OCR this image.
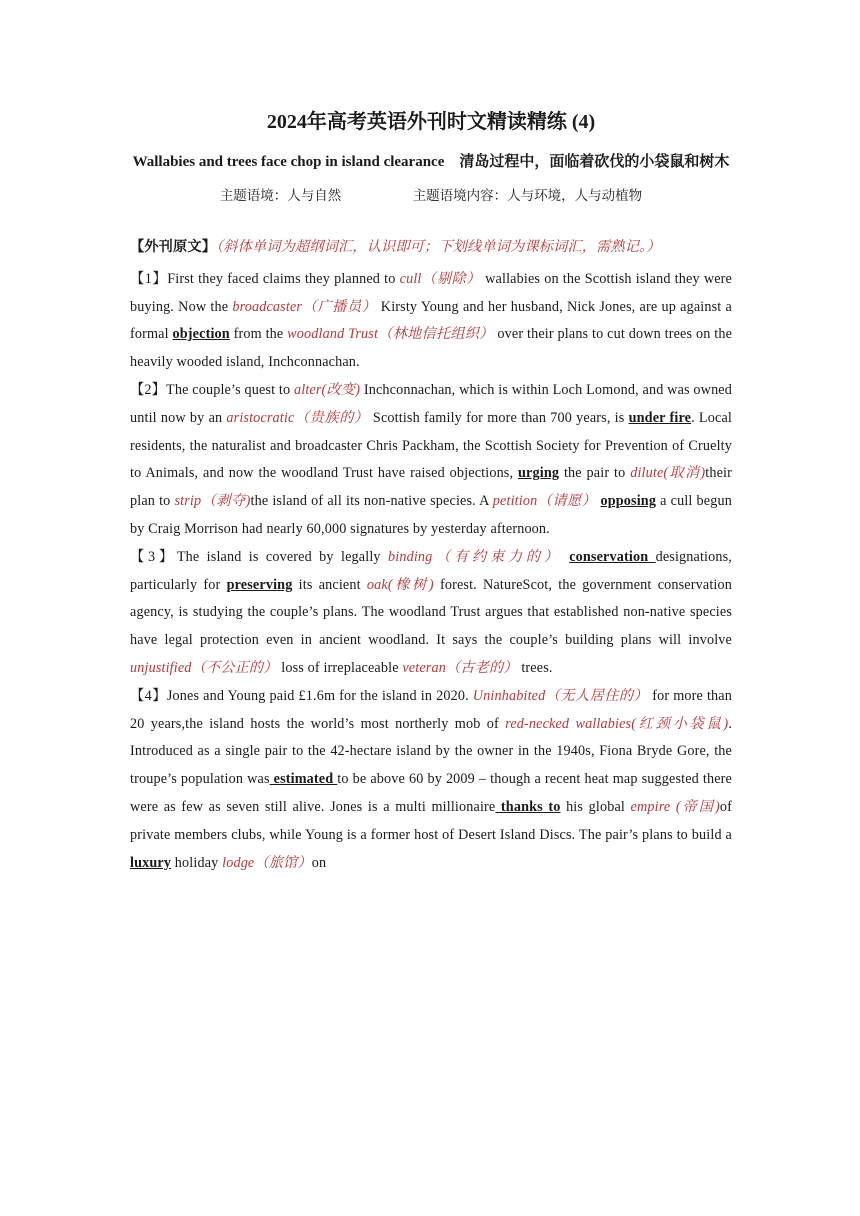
2024年高考英语外刊时文精读精练 (4)
Wallabies and trees face chop in island clearance 清岛过程中，面临着砍伐的小袋鼠和树木
主题语境：人与自然	主题语境内容：人与环境，人与动植物

【外刊原文】（斜体单词为超纲词汇，认识即可；下划线单词为课标词汇，需熟记。）

【1】First they faced claims they planned to cull（剔除） wallabies on the Scottish island they were buying. Now the broadcaster（广播员） Kirsty Young and her husband, Nick Jones, are up against a formal objection from the woodland Trust（林地信托组织） over their plans to cut down trees on the heavily wooded island, Inchconnachan.

【2】The couple’s quest to alter(改变) Inchconnachan, which is within Loch Lomond, and was owned until now by an aristocratic（贵族的） Scottish family for more than 700 years, is under fire. Local residents, the naturalist and broadcaster Chris Packham, the Scottish Society for Prevention of Cruelty to Animals, and now the woodland Trust have raised objections, urging the pair to dilute(取消)their plan to strip（剥夺)the island of all its non-native species. A petition（请愿） opposing a cull begun by Craig Morrison had nearly 60,000 signatures by yesterday afternoon.

【3】The island is covered by legally binding（有约束力的） conservation designations, particularly for preserving its ancient oak(橡树) forest. NatureScot, the government conservation agency, is studying the couple’s plans. The woodland Trust argues that established non-native species have legal protection even in ancient woodland. It says the couple’s building plans will involve unjustified（不公正的） loss of irreplaceable veteran（古老的） trees.

【4】Jones and Young paid £1.6m for the island in 2020. Uninhabited（无人居住的） for more than 20 years,the island hosts the world’s most northerly mob of red-necked wallabies(红颈小袋鼠). Introduced as a single pair to the 42-hectare island by the owner in the 1940s, Fiona Bryde Gore, the troupe’s population was estimated to be above 60 by 2009 – though a recent heat map suggested there were as few as seven still alive. Jones is a multi millionaire thanks to his global empire (帝国)of private members clubs, while Young is a former host of Desert Island Discs. The pair’s plans to build a luxury holiday lodge（旅馆）on
